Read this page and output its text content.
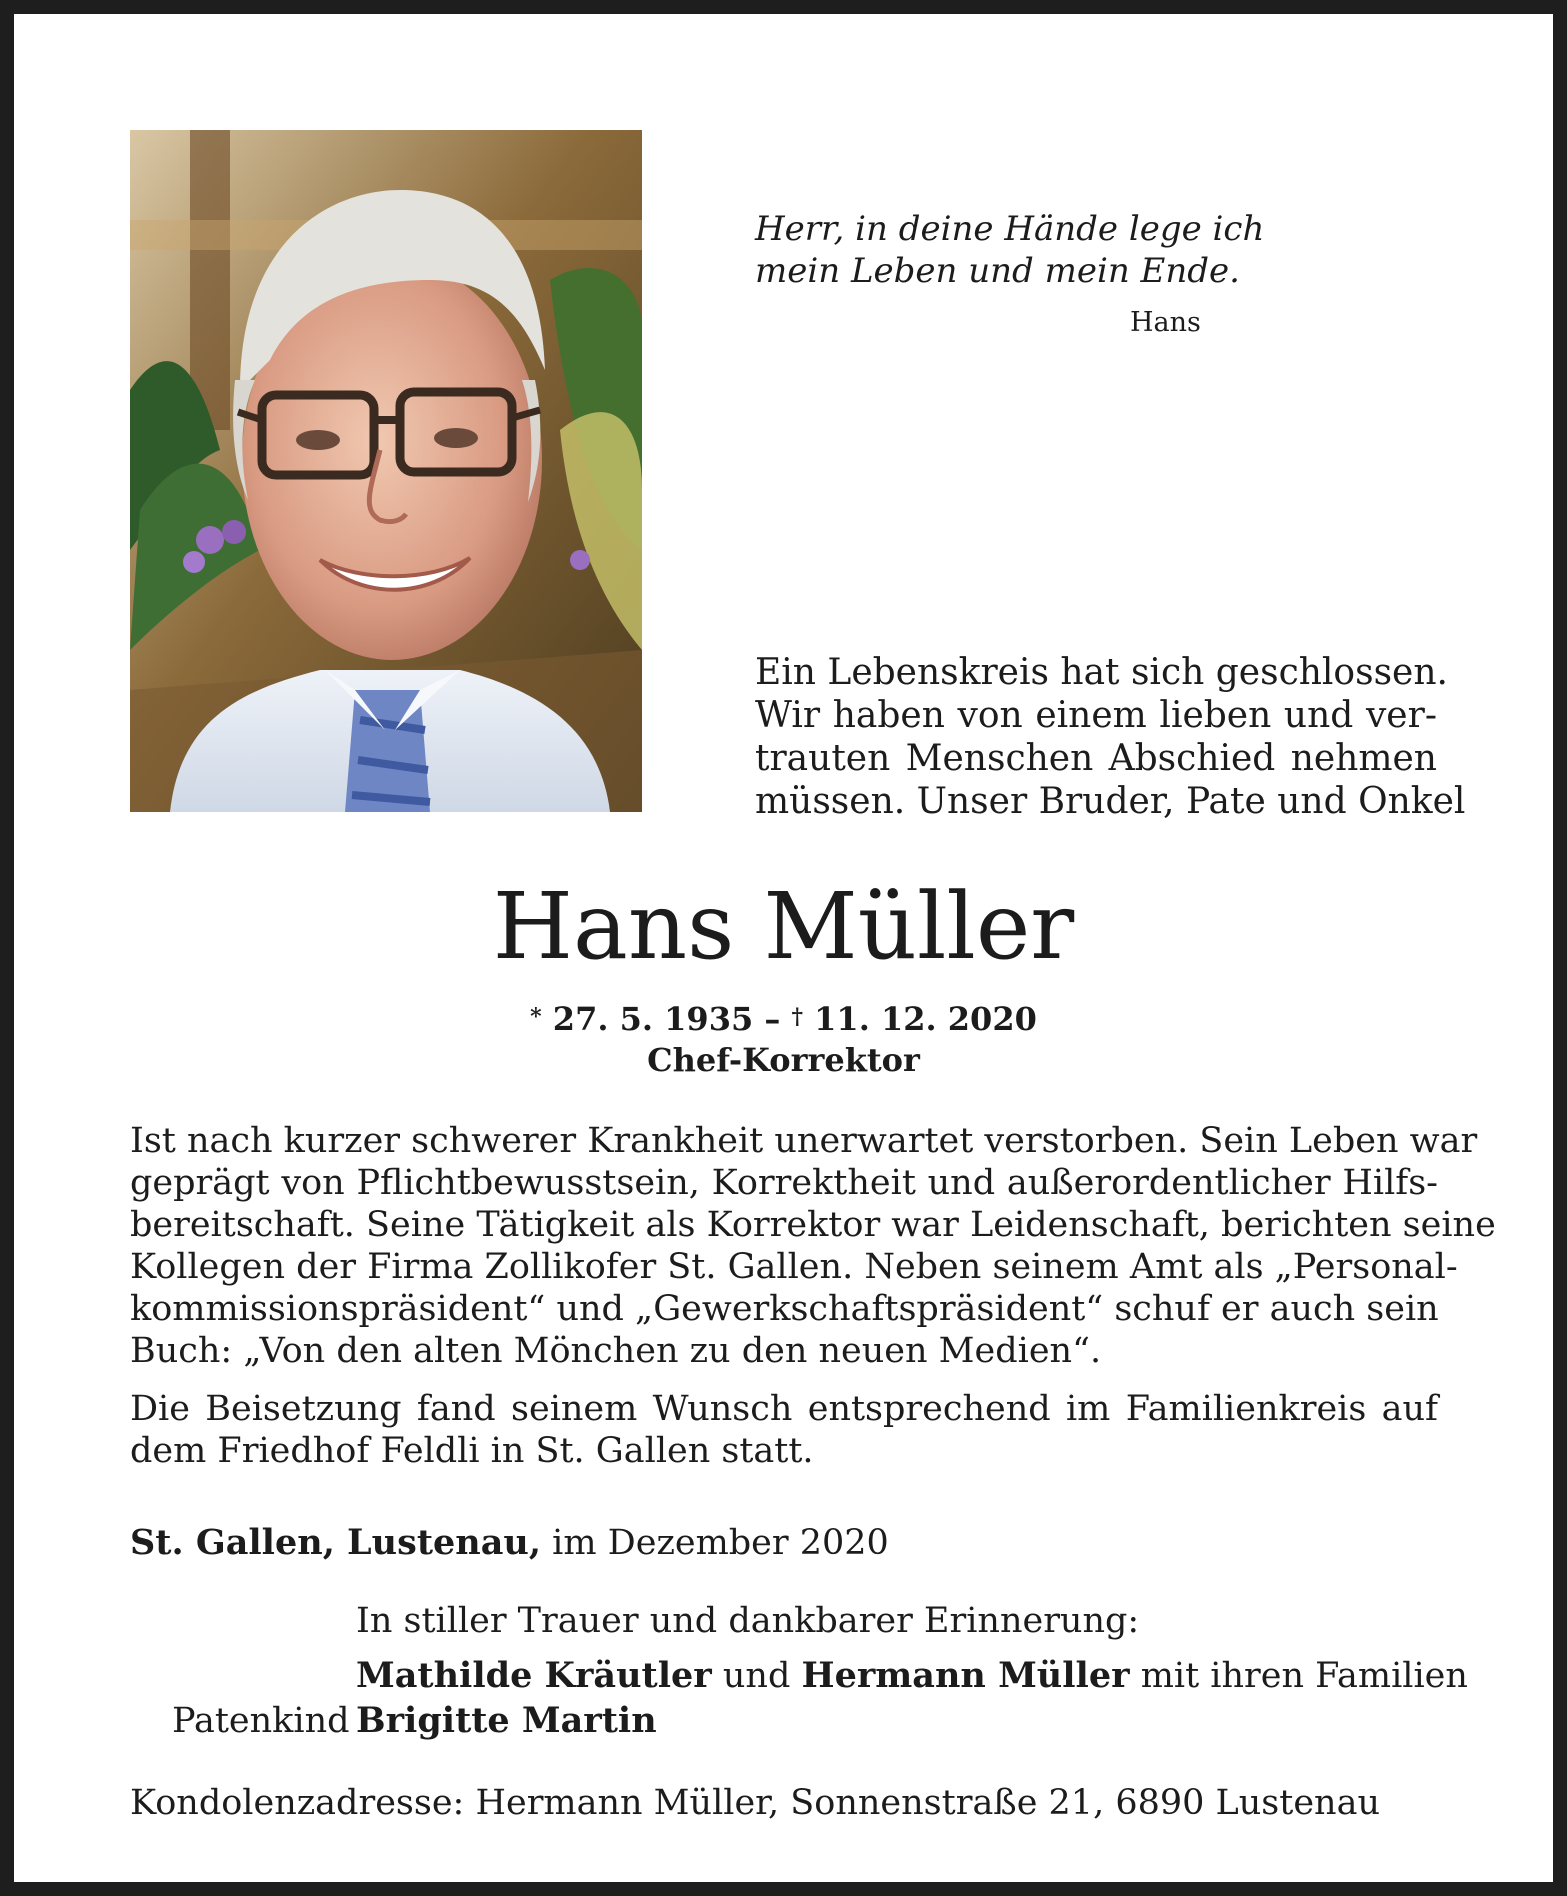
Herr, in deine Hände lege ich
mein Leben und mein Ende.
Hans

Ein Lebenskreis hat sich geschlossen.

Wir haben von einem lieben und ver-

trauten Menschen Abschied nehmen

müssen. Unser Bruder, Pate und Onkel

Hans Müller
* 27. 5. 1935 – † 11. 12. 2020
Chef-Korrektor
Ist nach kurzer schwerer Krankheit unerwartet verstorben. Sein Leben war
geprägt von Pflichtbewusstsein, Korrektheit und außerordentlicher Hilfs-
bereitschaft. Seine Tätigkeit als Korrektor war Leidenschaft, berichten seine
Kollegen der Firma Zollikofer St. Gallen. Neben seinem Amt als „Personal-
kommissionspräsident“ und „Gewerkschaftspräsident“ schuf er auch sein
Buch: „Von den alten Mönchen zu den neuen Medien“.
Die Beisetzung fand seinem Wunsch entsprechend im Familienkreis auf
dem Friedhof Feldli in St. Gallen statt.
St. Gallen, Lustenau, im Dezember 2020
In stiller Trauer und dankbarer Erinnerung:
Mathilde Kräutler und Hermann Müller mit ihren Familien
Patenkind Brigitte Martin
Kondolenzadresse: Hermann Müller, Sonnenstraße 21, 6890 Lustenau
